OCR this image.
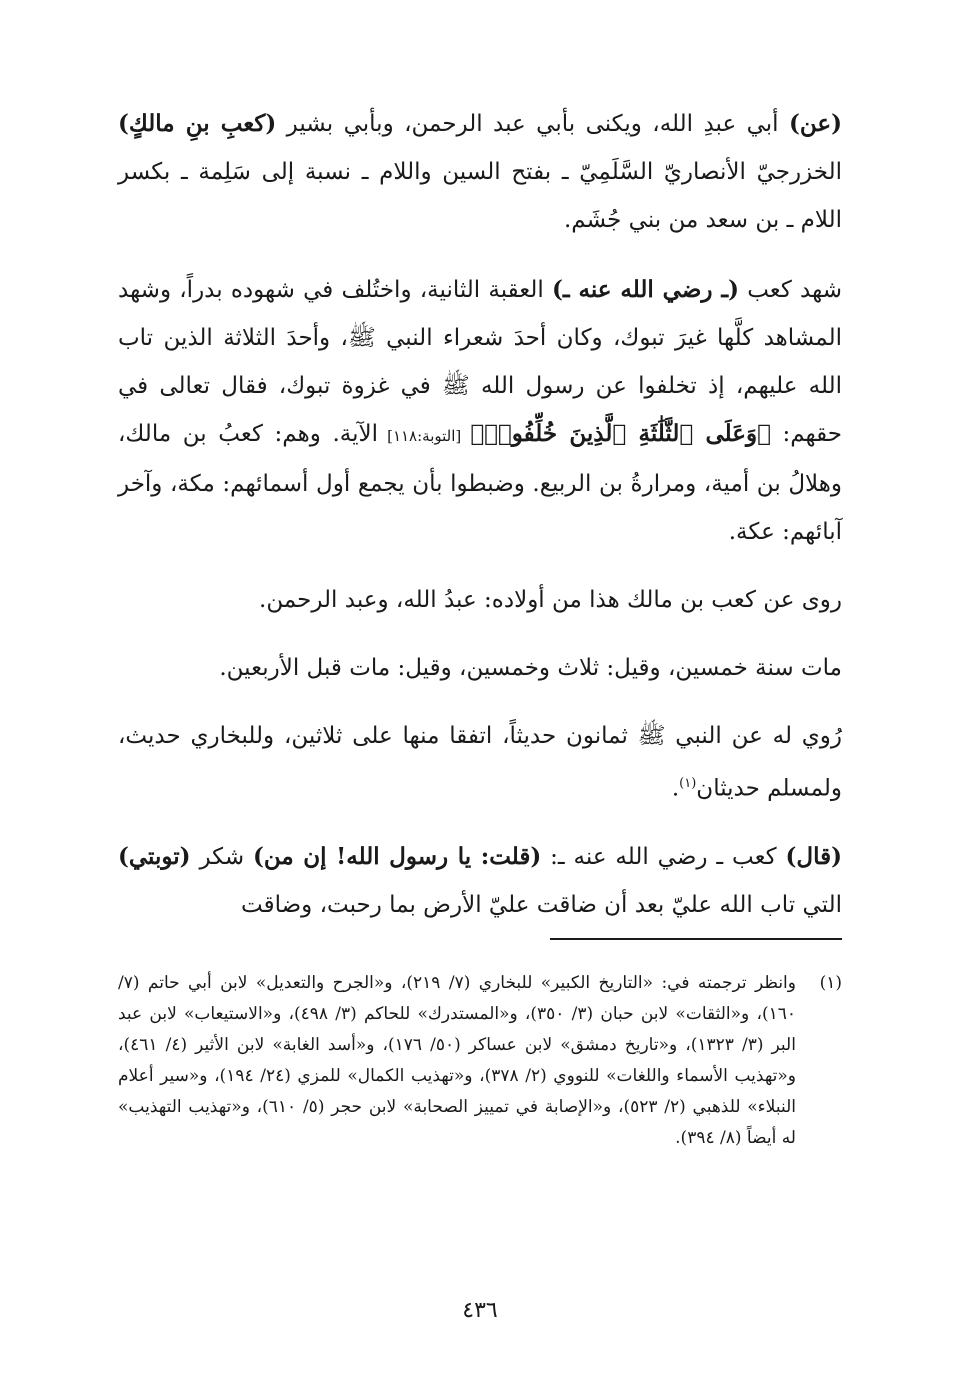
(عن) أبي عبدِ الله، ويكنى بأبي عبد الرحمن، وبأبي بشير (كعبِ بنِ مالكٍ) الخزرجيّ الأنصاريّ السَّلَمِيّ ـ بفتح السين واللام ـ نسبة إلى سَلِمة ـ بكسر اللام ـ بن سعد من بني جُشَم.

شهد كعب (ـ رضي الله عنه ـ) العقبة الثانية، واختُلف في شهوده بدراً، وشهد المشاهد كلَّها غيرَ تبوك، وكان أحدَ شعراء النبي ﷺ، وأحدَ الثلاثة الذين تاب الله عليهم، إذ تخلفوا عن رسول الله ﷺ في غزوة تبوك، فقال تعالى في حقهم: ﴿وَعَلَى ٱلثَّلَٰثَةِ ٱلَّذِينَ خُلِّفُوا۟﴾ [التوبة:١١٨] الآية. وهم: كعبُ بن مالك، وهلالُ بن أمية، ومرارةُ بن الربيع. وضبطوا بأن يجمع أول أسمائهم: مكة، وآخر آبائهم: عكة.

روى عن كعب بن مالك هذا من أولاده: عبدُ الله، وعبد الرحمن.

مات سنة خمسين، وقيل: ثلاث وخمسين، وقيل: مات قبل الأربعين.

رُوي له عن النبي ﷺ ثمانون حديثاً، اتفقا منها على ثلاثين، وللبخاري حديث، ولمسلم حديثان$^{(١)}$.

(قال) كعب ـ رضي الله عنه ـ: (قلت: يا رسول الله! إن من) شكر (توبتي) التي تاب الله عليّ بعد أن ضاقت عليّ الأرض بما رحبت، وضاقت

(١)
وانظر ترجمته في: «التاريخ الكبير» للبخاري (٧/ ٢١٩)، و«الجرح والتعديل» لابن أبي حاتم (٧/ ١٦٠)، و«الثقات» لابن حبان (٣/ ٣٥٠)، و«المستدرك» للحاكم (٣/ ٤٩٨)، و«الاستيعاب» لابن عبد البر (٣/ ١٣٢٣)، و«تاريخ دمشق» لابن عساكر (٥٠/ ١٧٦)، و«أسد الغابة» لابن الأثير (٤/ ٤٦١)، و«تهذيب الأسماء واللغات» للنووي (٢/ ٣٧٨)، و«تهذيب الكمال» للمزي (٢٤/ ١٩٤)، و«سير أعلام النبلاء» للذهبي (٢/ ٥٢٣)، و«الإصابة في تمييز الصحابة» لابن حجر (٥/ ٦١٠)، و«تهذيب التهذيب» له أيضاً (٨/ ٣٩٤).
٤٣٦
